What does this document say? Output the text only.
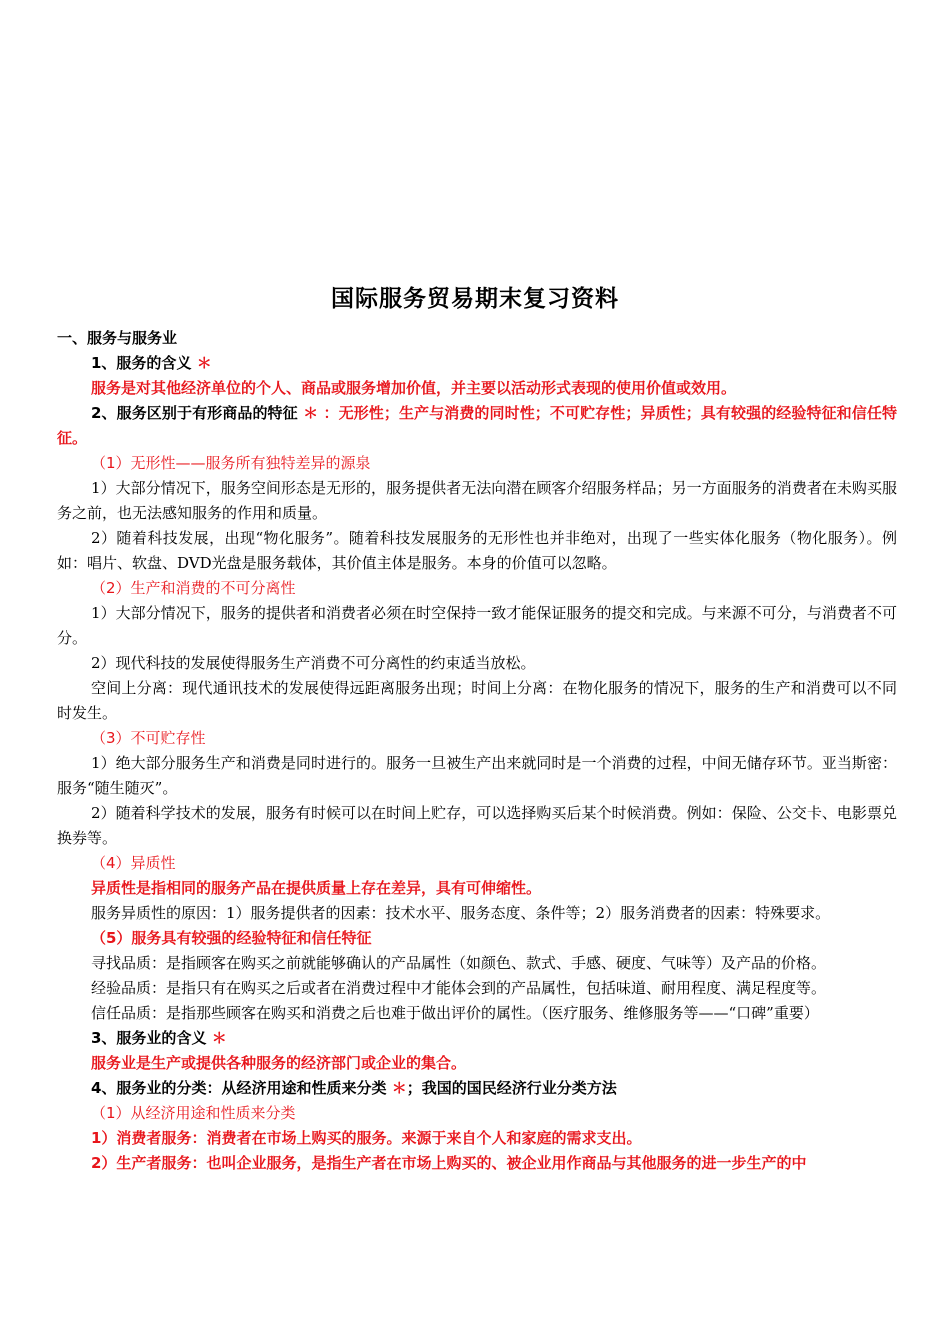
国际服务贸易期末复习资料

一、服务与服务业

1、服务的含义 ＊

服务是对其他经济单位的个人、商品或服务增加价值，并主要以活动形式表现的使用价值或效用。

2、服务区别于有形商品的特征 ＊ ：无形性；生产与消费的同时性；不可贮存性；异质性；具有较强的经验特征和信任特征。

（1）无形性——服务所有独特差异的源泉

1）大部分情况下，服务空间形态是无形的，服务提供者无法向潜在顾客介绍服务样品；另一方面服务的消费者在未购买服务之前，也无法感知服务的作用和质量。

2）随着科技发展，出现“物化服务”。随着科技发展服务的无形性也并非绝对，出现了一些实体化服务（物化服务）。例如：唱片、软盘、DVD光盘是服务载体，其价值主体是服务。本身的价值可以忽略。

（2）生产和消费的不可分离性

1）大部分情况下，服务的提供者和消费者必须在时空保持一致才能保证服务的提交和完成。与来源不可分，与消费者不可分。

2）现代科技的发展使得服务生产消费不可分离性的约束适当放松。

空间上分离：现代通讯技术的发展使得远距离服务出现；时间上分离：在物化服务的情况下，服务的生产和消费可以不同时发生。

（3）不可贮存性

1）绝大部分服务生产和消费是同时进行的。服务一旦被生产出来就同时是一个消费的过程，中间无储存环节。亚当斯密：服务“随生随灭”。

2）随着科学技术的发展，服务有时候可以在时间上贮存，可以选择购买后某个时候消费。例如：保险、公交卡、电影票兑换券等。

（4）异质性

异质性是指相同的服务产品在提供质量上存在差异，具有可伸缩性。

服务异质性的原因：1）服务提供者的因素：技术水平、服务态度、条件等；2）服务消费者的因素：特殊要求。

（5）服务具有较强的经验特征和信任特征

寻找品质：是指顾客在购买之前就能够确认的产品属性（如颜色、款式、手感、硬度、气味等）及产品的价格。

经验品质：是指只有在购买之后或者在消费过程中才能体会到的产品属性，包括味道、耐用程度、满足程度等。

信任品质：是指那些顾客在购买和消费之后也难于做出评价的属性。（医疗服务、维修服务等——“口碑”重要）

3、服务业的含义 ＊

服务业是生产或提供各种服务的经济部门或企业的集合。

4、服务业的分类：从经济用途和性质来分类 ＊；我国的国民经济行业分类方法

（1）从经济用途和性质来分类

1）消费者服务：消费者在市场上购买的服务。来源于来自个人和家庭的需求支出。

2）生产者服务：也叫企业服务，是指生产者在市场上购买的、被企业用作商品与其他服务的进一步生产的中
